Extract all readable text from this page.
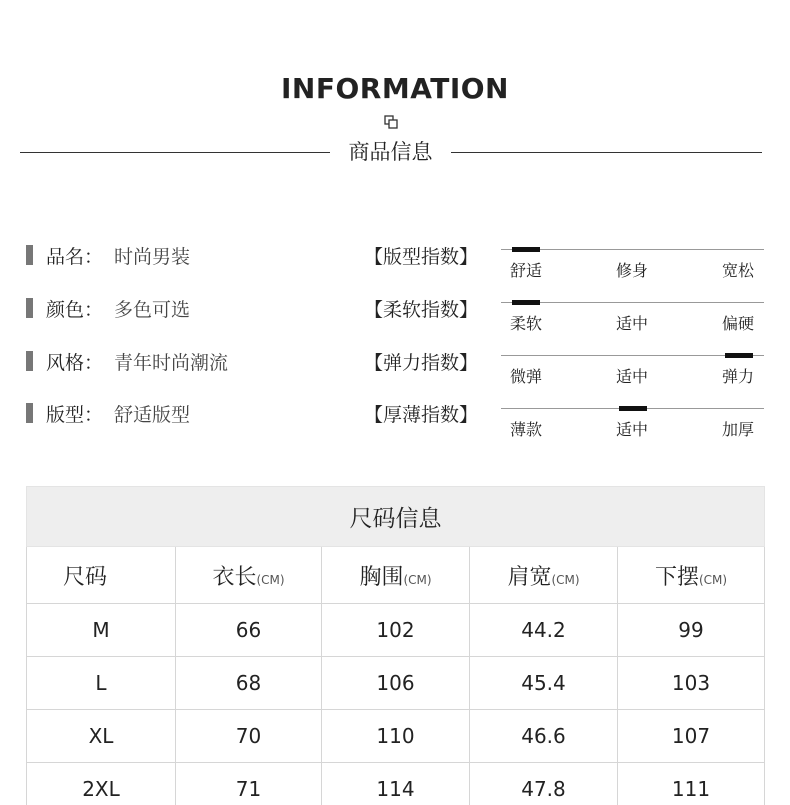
INFORMATION
商品信息
品名： 时尚男装
颜色： 多色可选
风格： 青年时尚潮流
版型： 舒适版型
【版型指数】
舒适	修身	宽松
【柔软指数】
柔软	适中	偏硬
【弹力指数】
微弹	适中	弹力
【厚薄指数】
薄款	适中	加厚
尺码信息				
尺码	衣长(CM)	胸围(CM)	肩宽(CM)	下摆(CM)
M	66	102	44.2	99
L	68	106	45.4	103
XL	70	110	46.6	107
2XL	71	114	47.8	111
